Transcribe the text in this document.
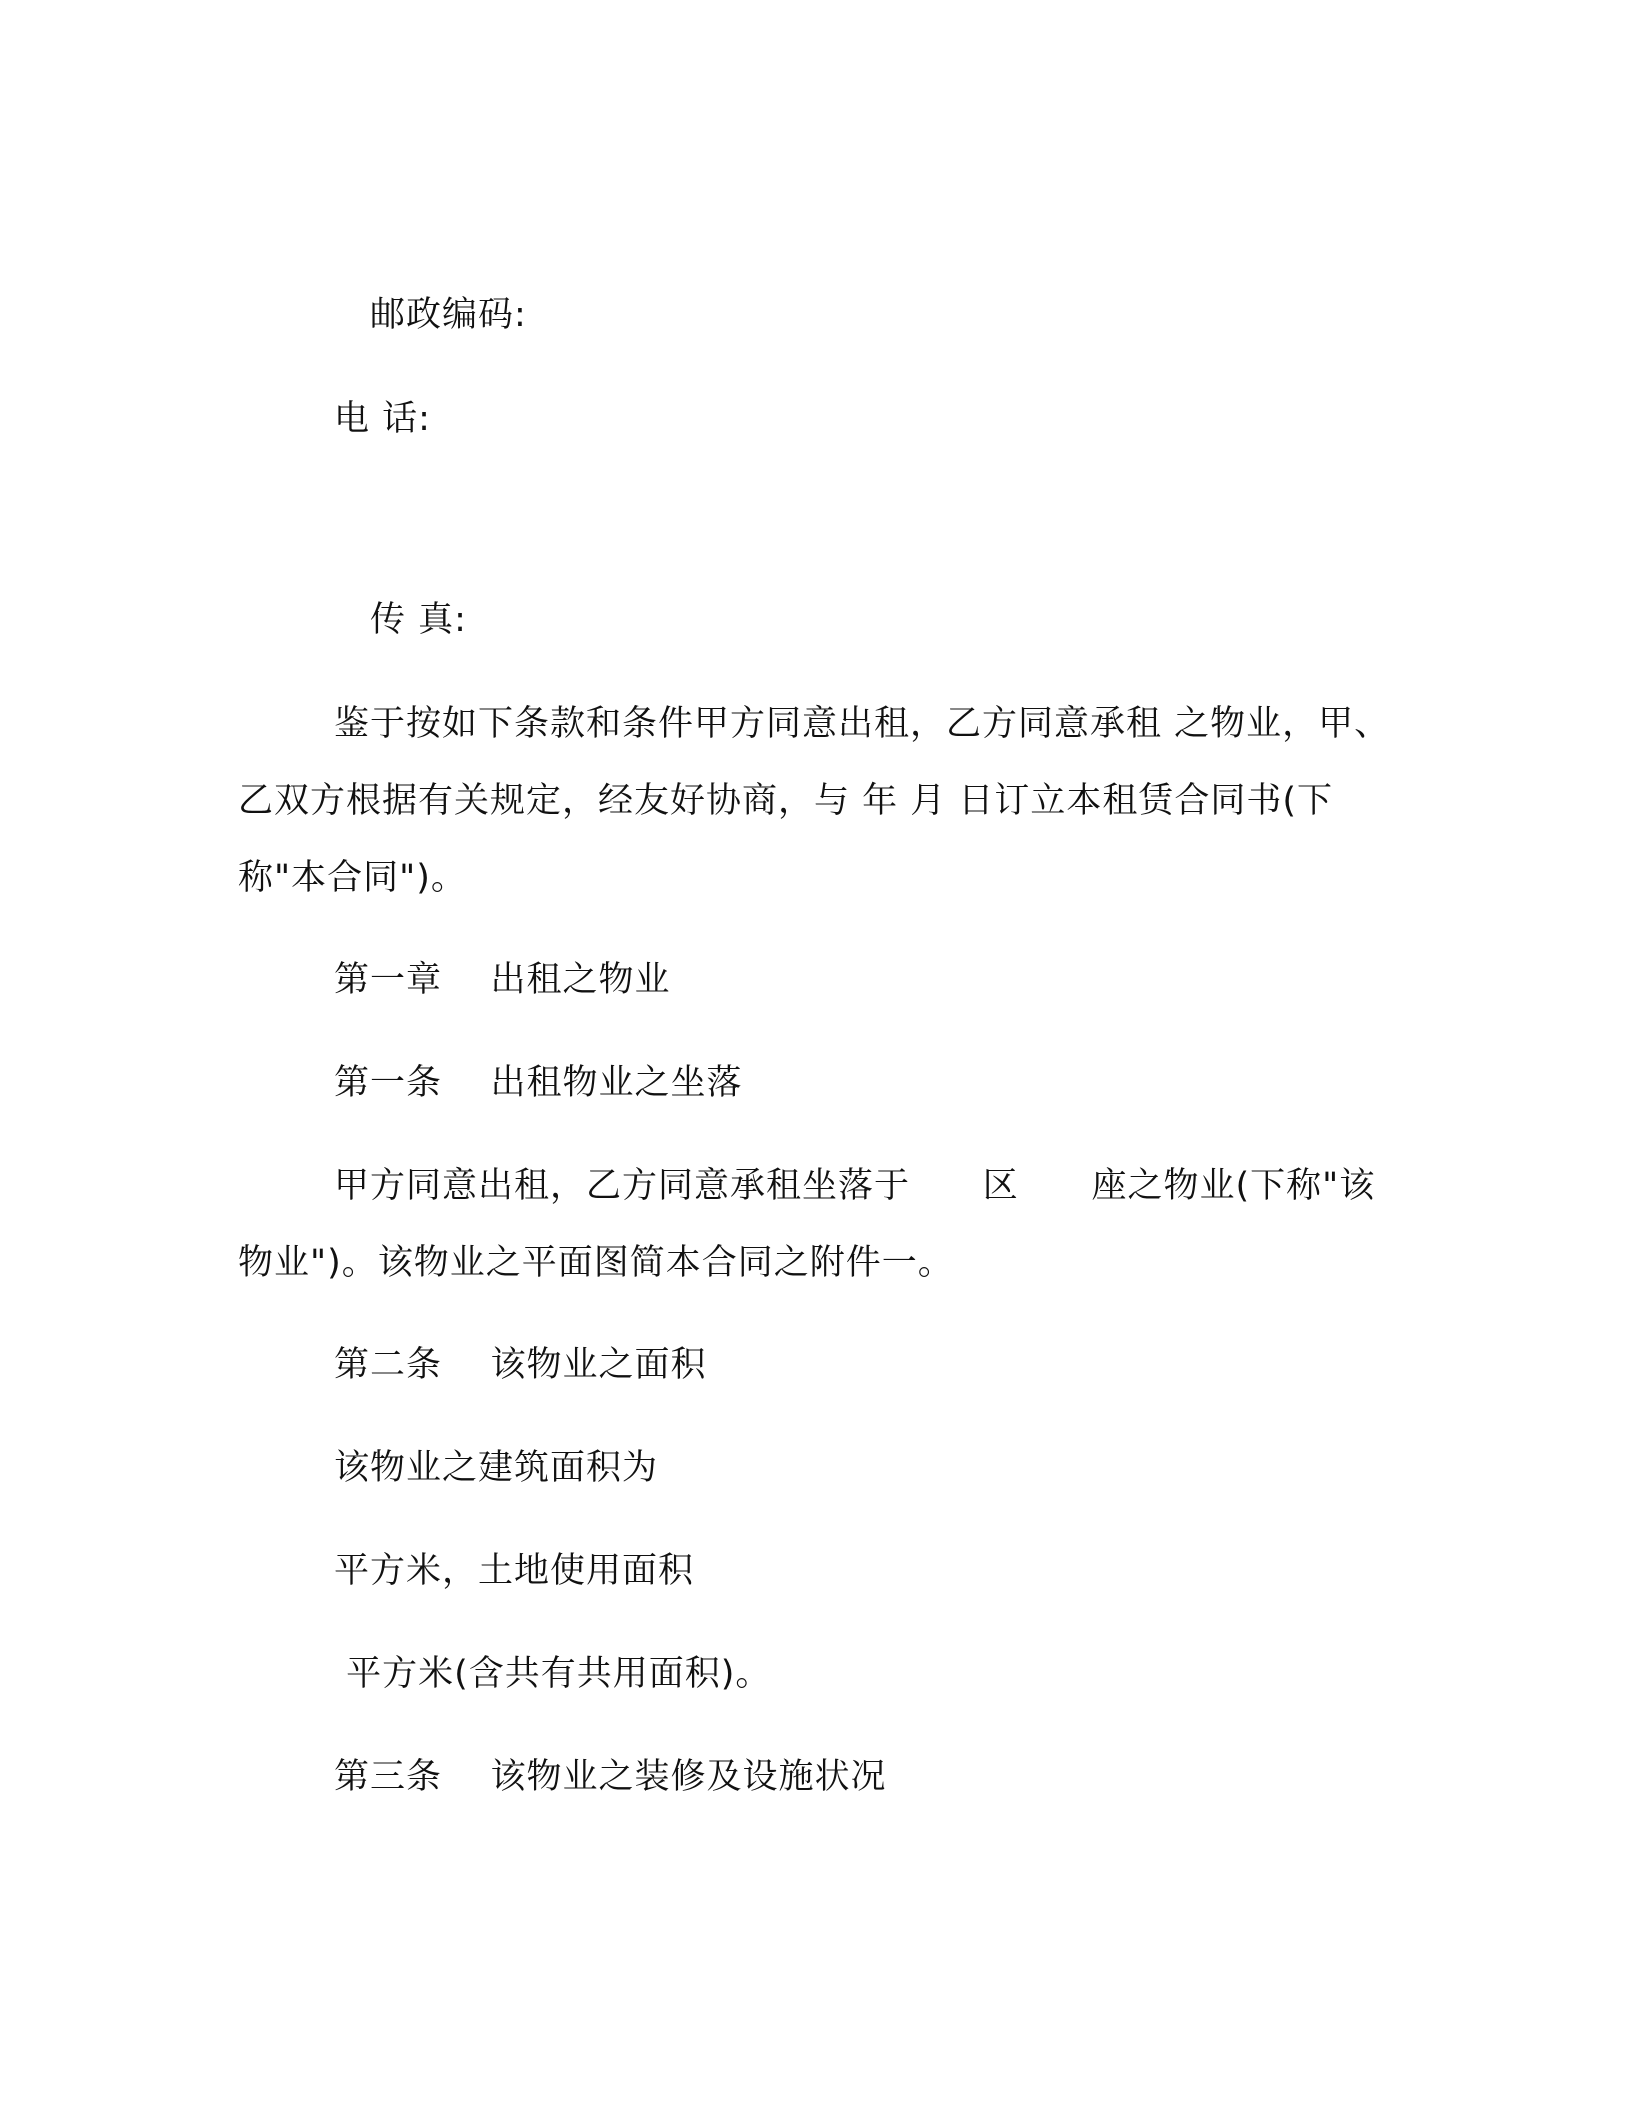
邮政编码:
电 话:
传 真:
鉴于按如下条款和条件甲方同意出租，乙方同意承租 之物业，甲、
乙双方根据有关规定，经友好协商，与 年 月 日订立本租赁合同书(下
称"本合同")。
第一章    出租之物业
第一条    出租物业之坐落
甲方同意出租，乙方同意承租坐落于      区      座之物业(下称"该
物业")。该物业之平面图简本合同之附件一。
第二条    该物业之面积
该物业之建筑面积为
平方米，土地使用面积
平方米(含共有共用面积)。
第三条    该物业之装修及设施状况
